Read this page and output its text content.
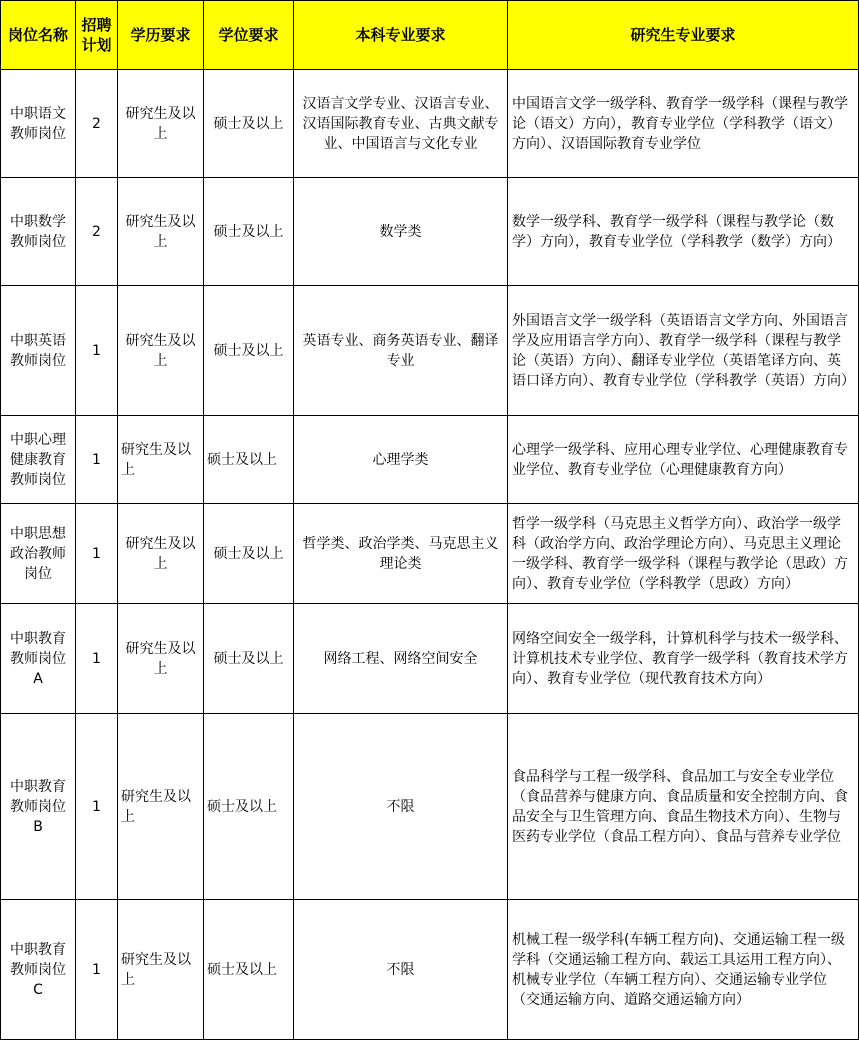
岗位名称	招聘计划	学历要求	学位要求	本科专业要求	研究生专业要求
中职语文教师岗位	2	研究生及以上	硕士及以上	汉语言文学专业、汉语言专业、汉语国际教育专业、古典文献专业、中国语言与文化专业	中国语言文学一级学科、教育学一级学科（课程与教学论（语文）方向），教育专业学位（学科教学（语文）方向）、汉语国际教育专业学位
中职数学教师岗位	2	研究生及以上	硕士及以上	数学类	数学一级学科、教育学一级学科（课程与教学论（数学）方向），教育专业学位（学科教学（数学）方向）
中职英语教师岗位	1	研究生及以上	硕士及以上	英语专业、商务英语专业、翻译专业	外国语言文学一级学科（英语语言文学方向、外国语言学及应用语言学方向）、教育学一级学科（课程与教学论（英语）方向）、翻译专业学位（英语笔译方向、英语口译方向）、教育专业学位（学科教学（英语）方向）
中职心理健康教育教师岗位	1	研究生及以上	硕士及以上	心理学类	心理学一级学科、应用心理专业学位、心理健康教育专业学位、教育专业学位（心理健康教育方向）
中职思想政治教师岗位	1	研究生及以上	硕士及以上	哲学类、政治学类、马克思主义理论类	哲学一级学科（马克思主义哲学方向）、政治学一级学科（政治学方向、政治学理论方向）、马克思主义理论一级学科、教育学一级学科（课程与教学论（思政）方向）、教育专业学位（学科教学（思政）方向）
中职教育教师岗位A	1	研究生及以上	硕士及以上	网络工程、网络空间安全	网络空间安全一级学科，计算机科学与技术一级学科、计算机技术专业学位、教育学一级学科（教育技术学方向）、教育专业学位（现代教育技术方向）
中职教育教师岗位B	1	研究生及以上	硕士及以上	不限	食品科学与工程一级学科、食品加工与安全专业学位（食品营养与健康方向、食品质量和安全控制方向、食品安全与卫生管理方向、食品生物技术方向）、生物与医药专业学位（食品工程方向）、食品与营养专业学位
中职教育教师岗位C	1	研究生及以上	硕士及以上	不限	机械工程一级学科(车辆工程方向)、交通运输工程一级学科（交通运输工程方向、载运工具运用工程方向）、机械专业学位（车辆工程方向）、交通运输专业学位（交通运输方向、道路交通运输方向）
